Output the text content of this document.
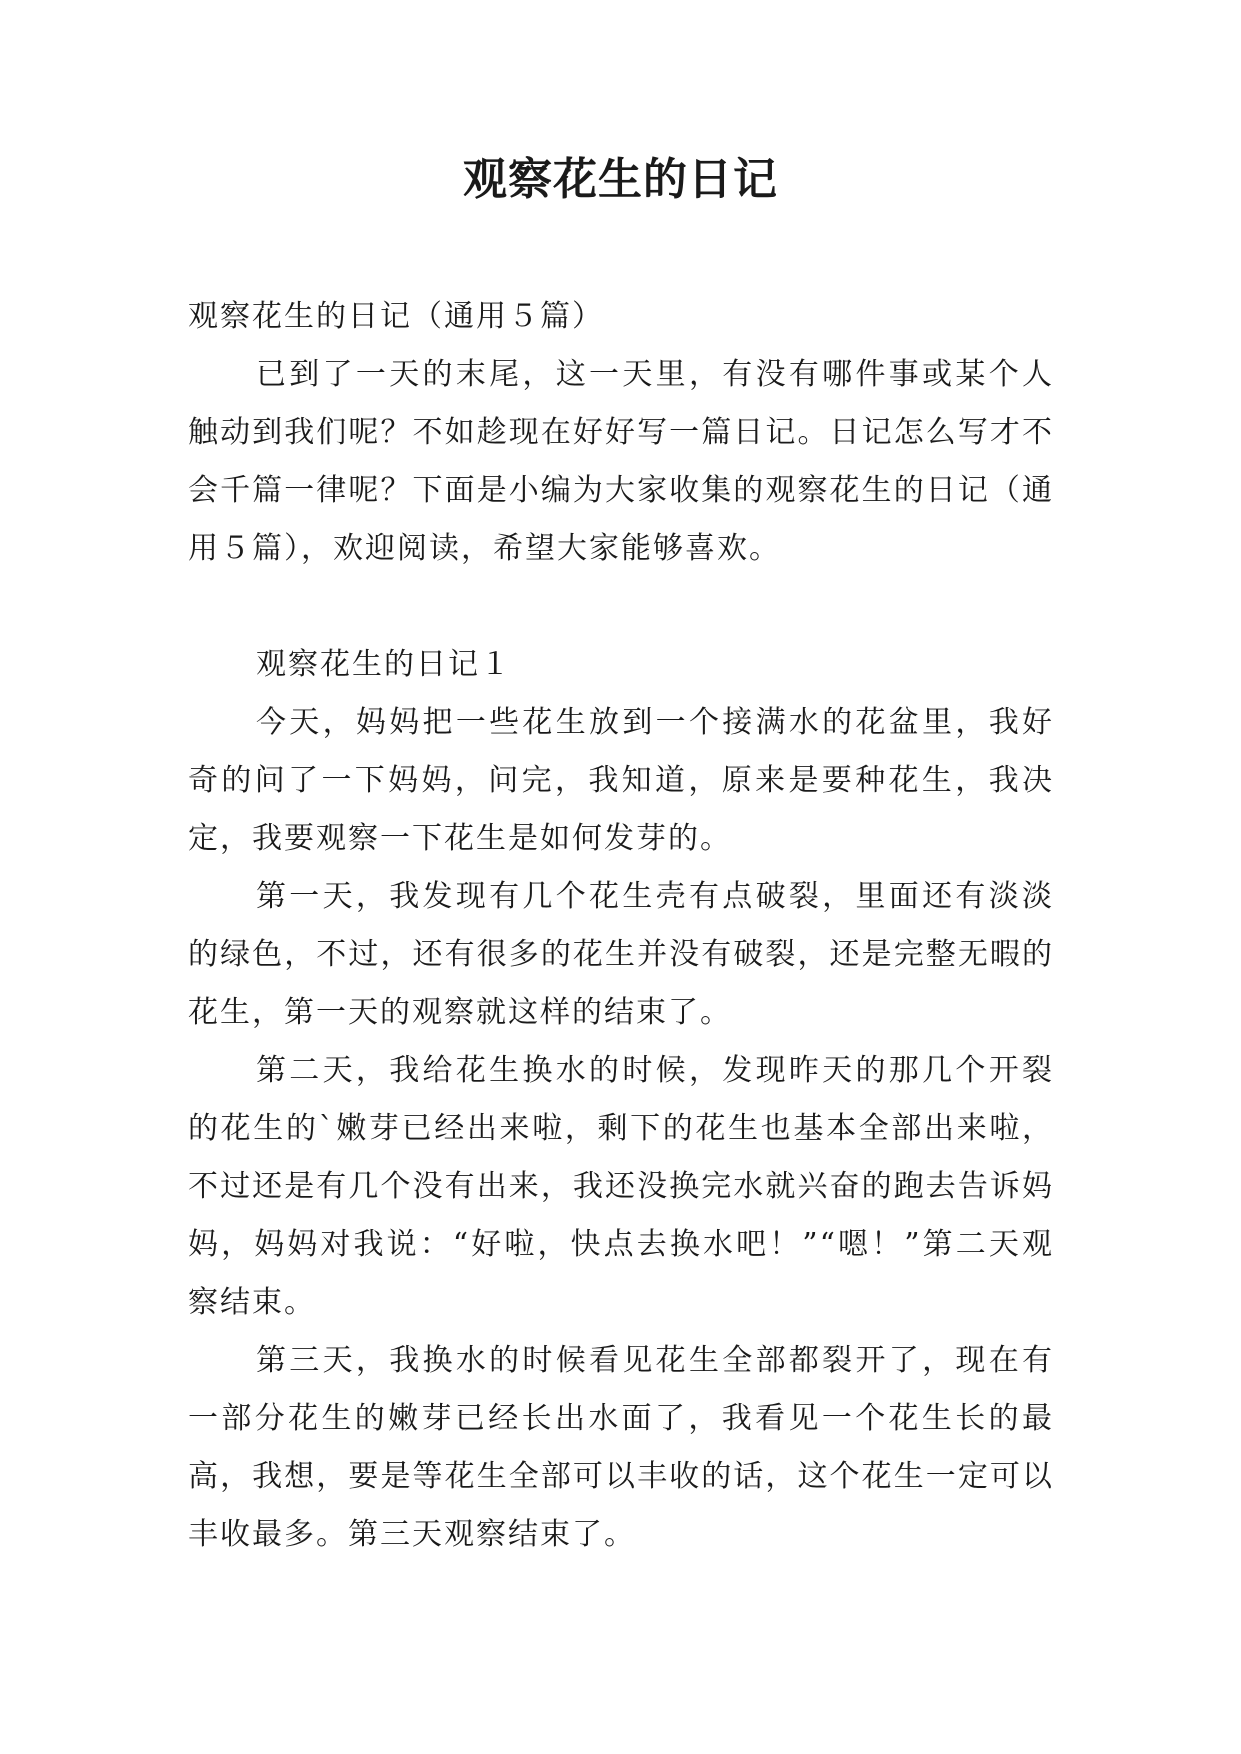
观察花生的日记

观察花生的日记（通用５篇）

已到了一天的末尾，这一天里，有没有哪件事或某个人触动到我们呢？不如趁现在好好写一篇日记。日记怎么写才不会千篇一律呢？下面是小编为大家收集的观察花生的日记（通用５篇），欢迎阅读，希望大家能够喜欢。

观察花生的日记１

今天，妈妈把一些花生放到一个接满水的花盆里，我好奇的问了一下妈妈，问完，我知道，原来是要种花生，我决定，我要观察一下花生是如何发芽的。

第一天，我发现有几个花生壳有点破裂，里面还有淡淡的绿色，不过，还有很多的花生并没有破裂，还是完整无暇的花生，第一天的观察就这样的结束了。

第二天，我给花生换水的时候，发现昨天的那几个开裂的花生的`嫩芽已经出来啦，剩下的花生也基本全部出来啦，不过还是有几个没有出来，我还没换完水就兴奋的跑去告诉妈妈，妈妈对我说：“好啦，快点去换水吧！”“嗯！”第二天观察结束。

第三天，我换水的时候看见花生全部都裂开了，现在有一部分花生的嫩芽已经长出水面了，我看见一个花生长的最高，我想，要是等花生全部可以丰收的话，这个花生一定可以丰收最多。第三天观察结束了。
